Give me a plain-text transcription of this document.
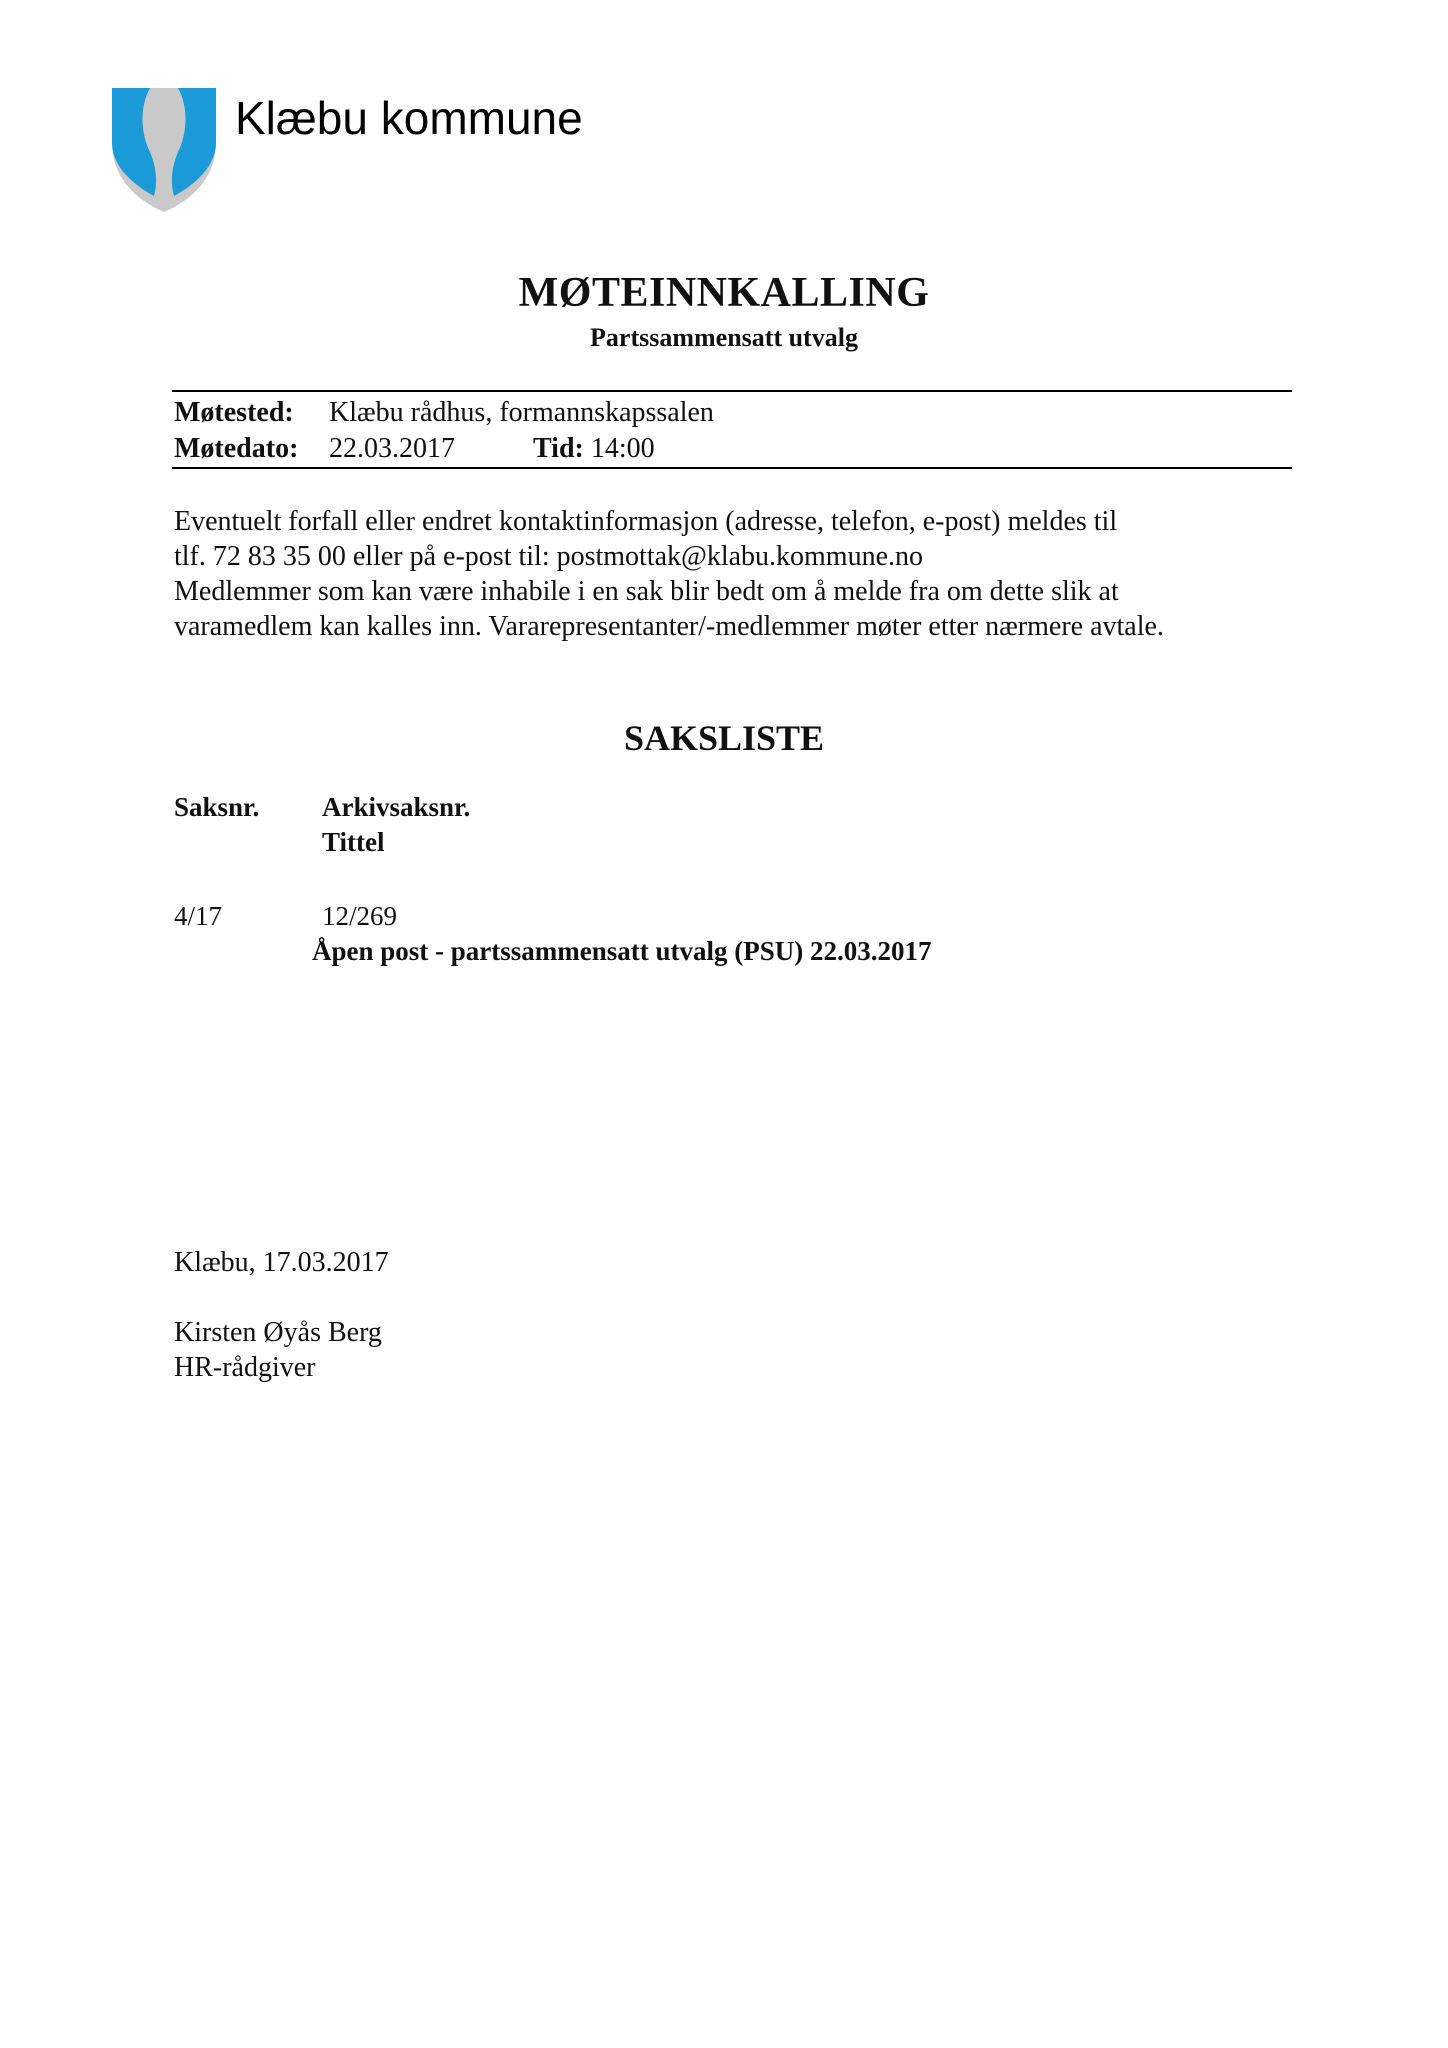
Klæbu kommune
MØTEINNKALLING
Partssammensatt utvalg
Møtested: Klæbu rådhus, formannskapssalen
Møtedato: 22.03.2017	Tid: 14:00
Eventuelt forfall eller endret kontaktinformasjon (adresse, telefon, e-post) meldes til
tlf. 72 83 35 00 eller på e-post til: postmottak@klabu.kommune.no
Medlemmer som kan være inhabile i en sak blir bedt om å melde fra om dette slik at
varamedlem kan kalles inn. Vararepresentanter/-medlemmer møter etter nærmere avtale.
SAKSLISTE
Saksnr. Arkivsaksnr.
Tittel
4/17	12/269
Åpen post - partssammensatt utvalg (PSU) 22.03.2017
Klæbu, 17.03.2017
Kirsten Øyås Berg
HR-rådgiver
